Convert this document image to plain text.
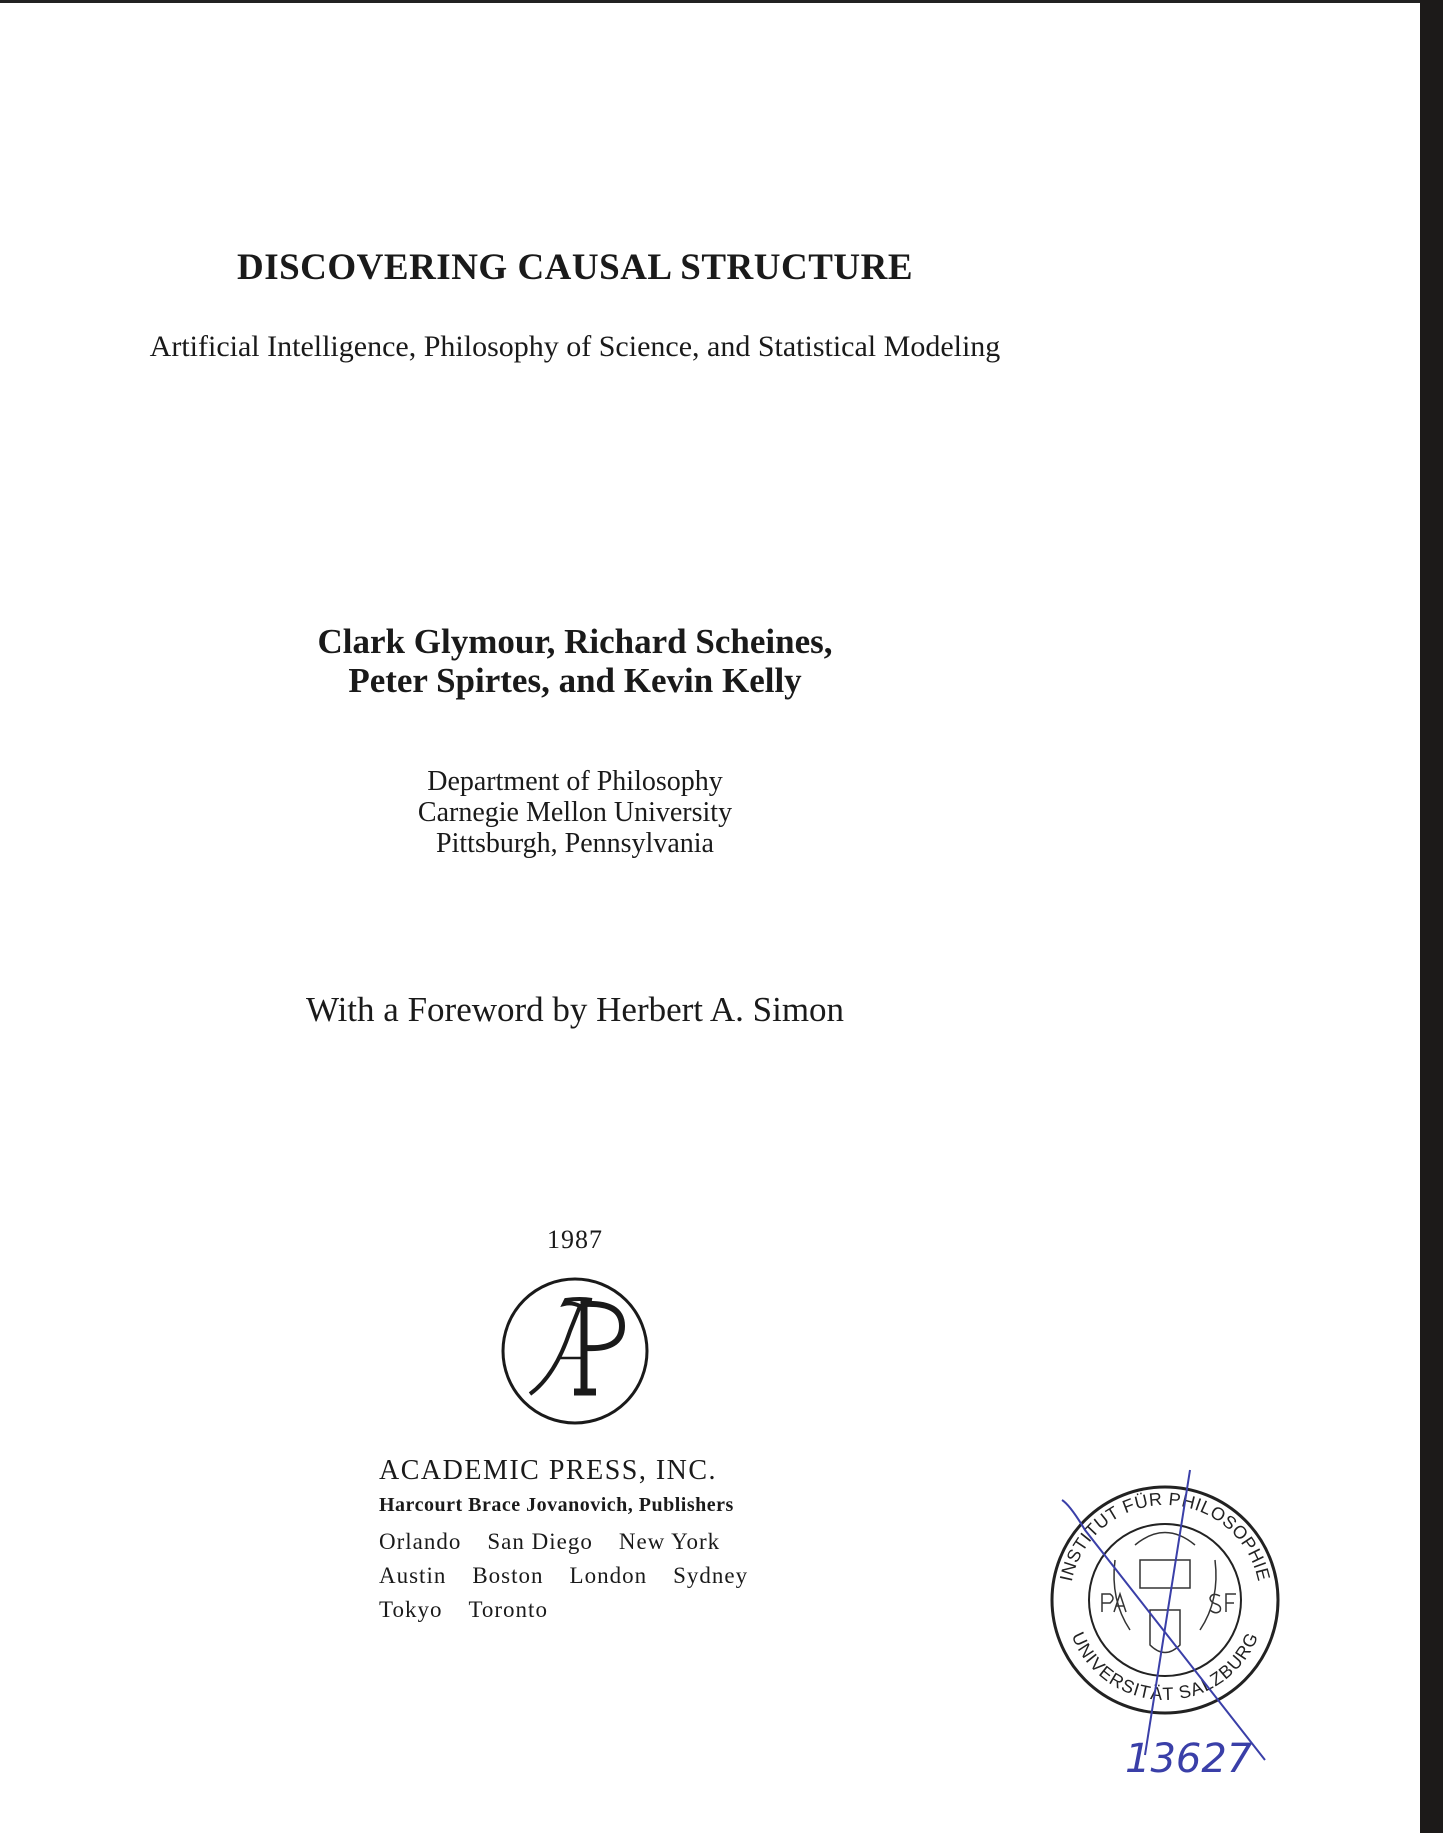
DISCOVERING CAUSAL STRUCTURE
Artificial Intelligence, Philosophy of Science, and Statistical Modeling
Clark Glymour, Richard Scheines,
Peter Spirtes, and Kevin Kelly
Department of Philosophy
Carnegie Mellon University
Pittsburgh, Pennsylvania
With a Foreword by Herbert A. Simon
1987
ACADEMIC PRESS, INC.
Harcourt Brace Jovanovich, Publishers
Orlando San Diego New York
Austin Boston London Sydney
Tokyo Toronto
INSTITUT FÜR PHILOSOPHIE
UNIVERSITÄT SALZBURG
13627
